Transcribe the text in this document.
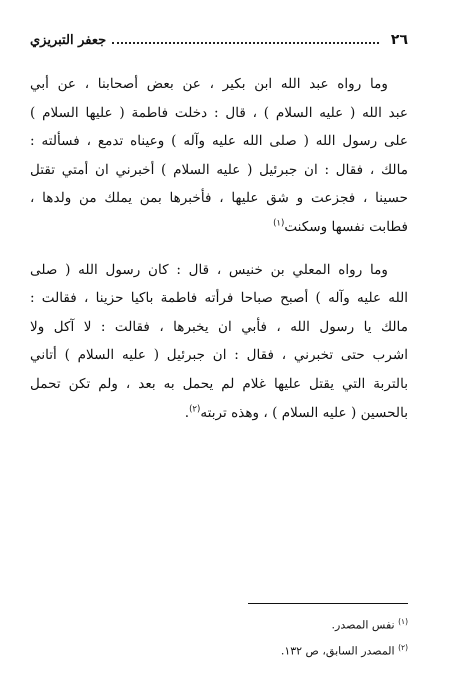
٢٦
جعفر التبريزي

وما رواه عبد الله ابن بكير ، عن بعض أصحابنا ، عن أبي
عبد الله ( عليه السلام ) ، قال : دخلت فاطمة ( عليها السلام )
على رسول الله ( صلى الله عليه وآله ) وعيناه تدمع ، فسألته :
مالك ، فقال : ان جبرئيل ( عليه السلام ) أخبرني ان أمتي تقتل
حسينا ، فجزعت و شق عليها ، فأخبرها بمن يملك من ولدها ،
فطابت نفسها وسكنت$^{(١)}$

وما رواه المعلي بن خنيس ، قال : كان رسول الله ( صلى
الله عليه وآله ) أصبح صباحا فرأته فاطمة باكيا حزينا ، فقالت :
مالك يا رسول الله ، فأبي ان يخبرها ، فقالت : لا آكل ولا
اشرب حتى تخبرني ، فقال : ان جبرئيل ( عليه السلام ) أتاني
بالتربة التي يقتل عليها غلام لم يحمل به بعد ، ولم تكن تحمل
بالحسين ( عليه السلام ) ، وهذه تربته$^{(٢)}$.

$^{(١)}$ نفس المصدر.
$^{(٢)}$ المصدر السابق، ص ١٣٢.
